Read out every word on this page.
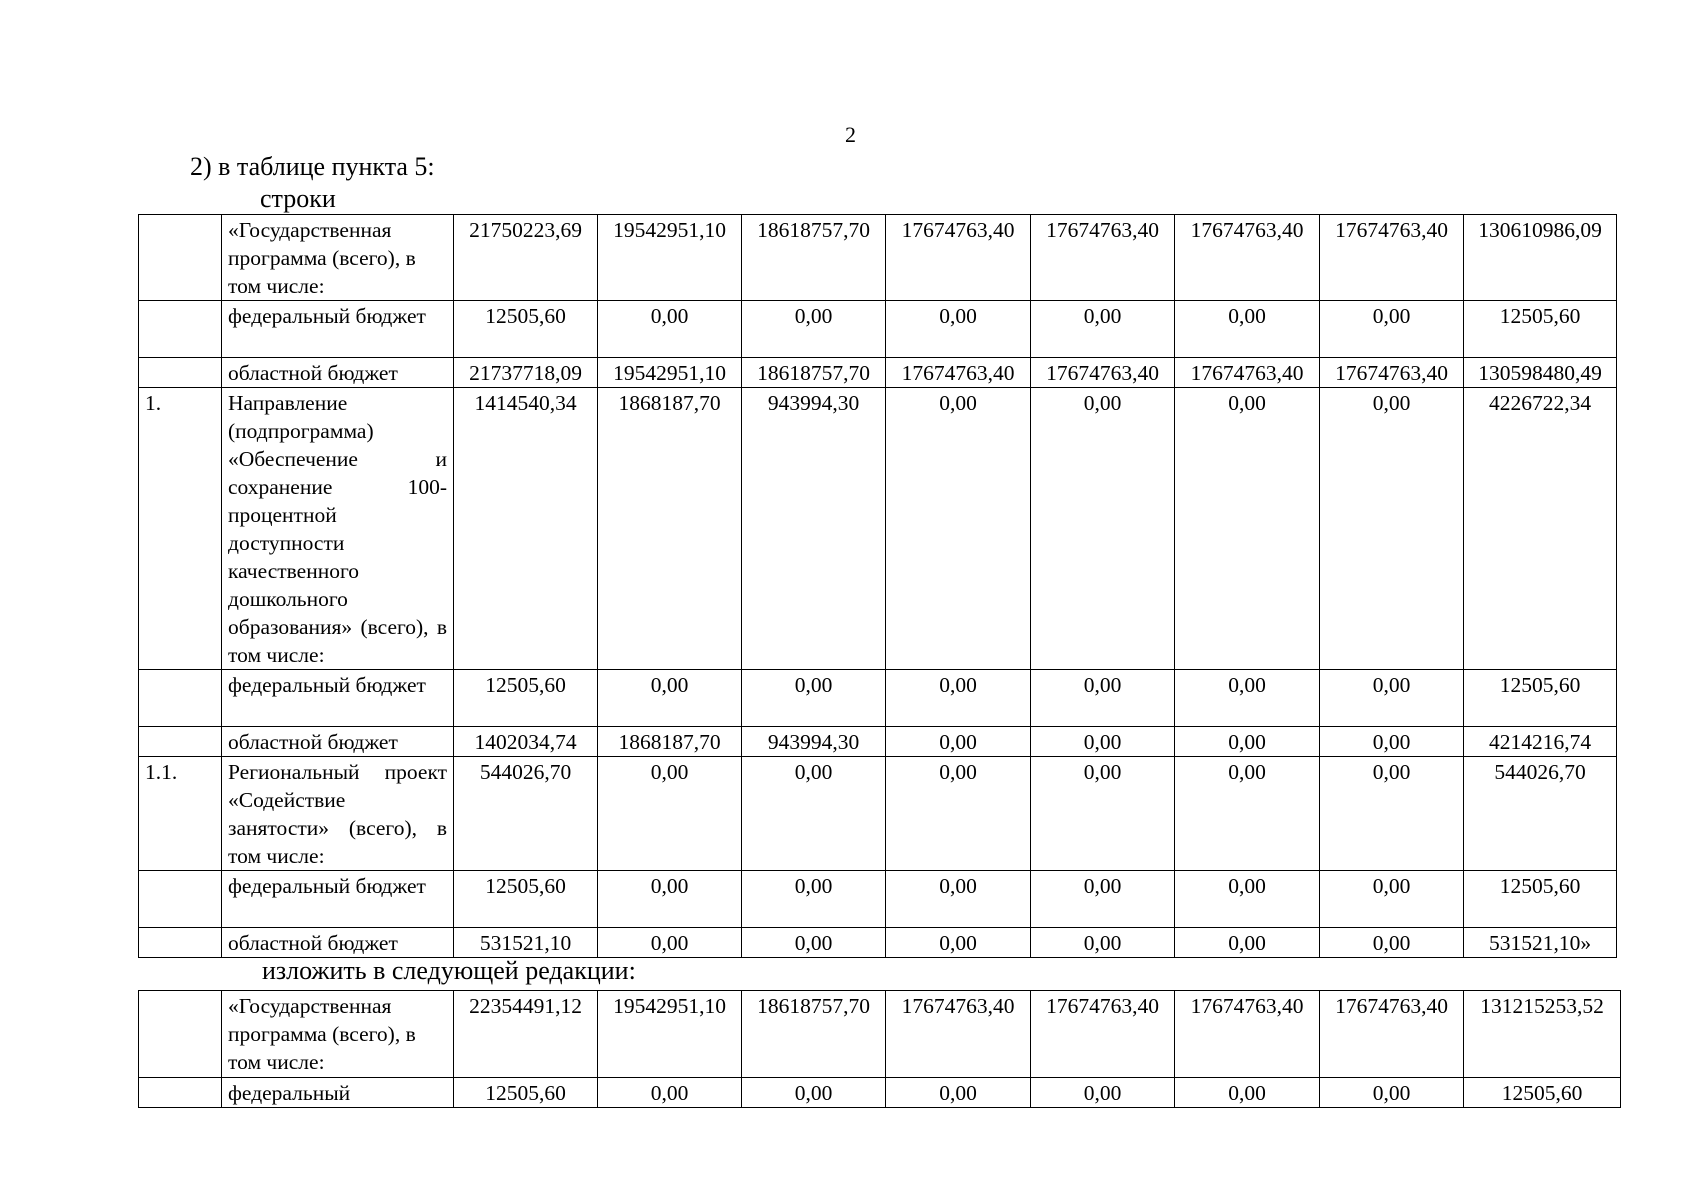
2
2) в таблице пункта 5:
строки
	«Государственная программа (всего), в том числе:	21750223,69	19542951,10	18618757,70	17674763,40	17674763,40	17674763,40	17674763,40	130610986,09
	федеральный бюджет	12505,60	0,00	0,00	0,00	0,00	0,00	0,00	12505,60
	областной бюджет	21737718,09	19542951,10	18618757,70	17674763,40	17674763,40	17674763,40	17674763,40	130598480,49
1.	Направление (подпрограмма) «Обеспечение и сохранение 100-процентной доступности качественного дошкольного образования» (всего), в том числе:	1414540,34	1868187,70	943994,30	0,00	0,00	0,00	0,00	4226722,34
	федеральный бюджет	12505,60	0,00	0,00	0,00	0,00	0,00	0,00	12505,60
	областной бюджет	1402034,74	1868187,70	943994,30	0,00	0,00	0,00	0,00	4214216,74
1.1.	Региональный проект «Содействие занятости» (всего), в том числе:	544026,70	0,00	0,00	0,00	0,00	0,00	0,00	544026,70
	федеральный бюджет	12505,60	0,00	0,00	0,00	0,00	0,00	0,00	12505,60
	областной бюджет	531521,10	0,00	0,00	0,00	0,00	0,00	0,00	531521,10»
изложить в следующей редакции:
	«Государственная программа (всего), в том числе:	22354491,12	19542951,10	18618757,70	17674763,40	17674763,40	17674763,40	17674763,40	131215253,52
	федеральный	12505,60	0,00	0,00	0,00	0,00	0,00	0,00	12505,60
